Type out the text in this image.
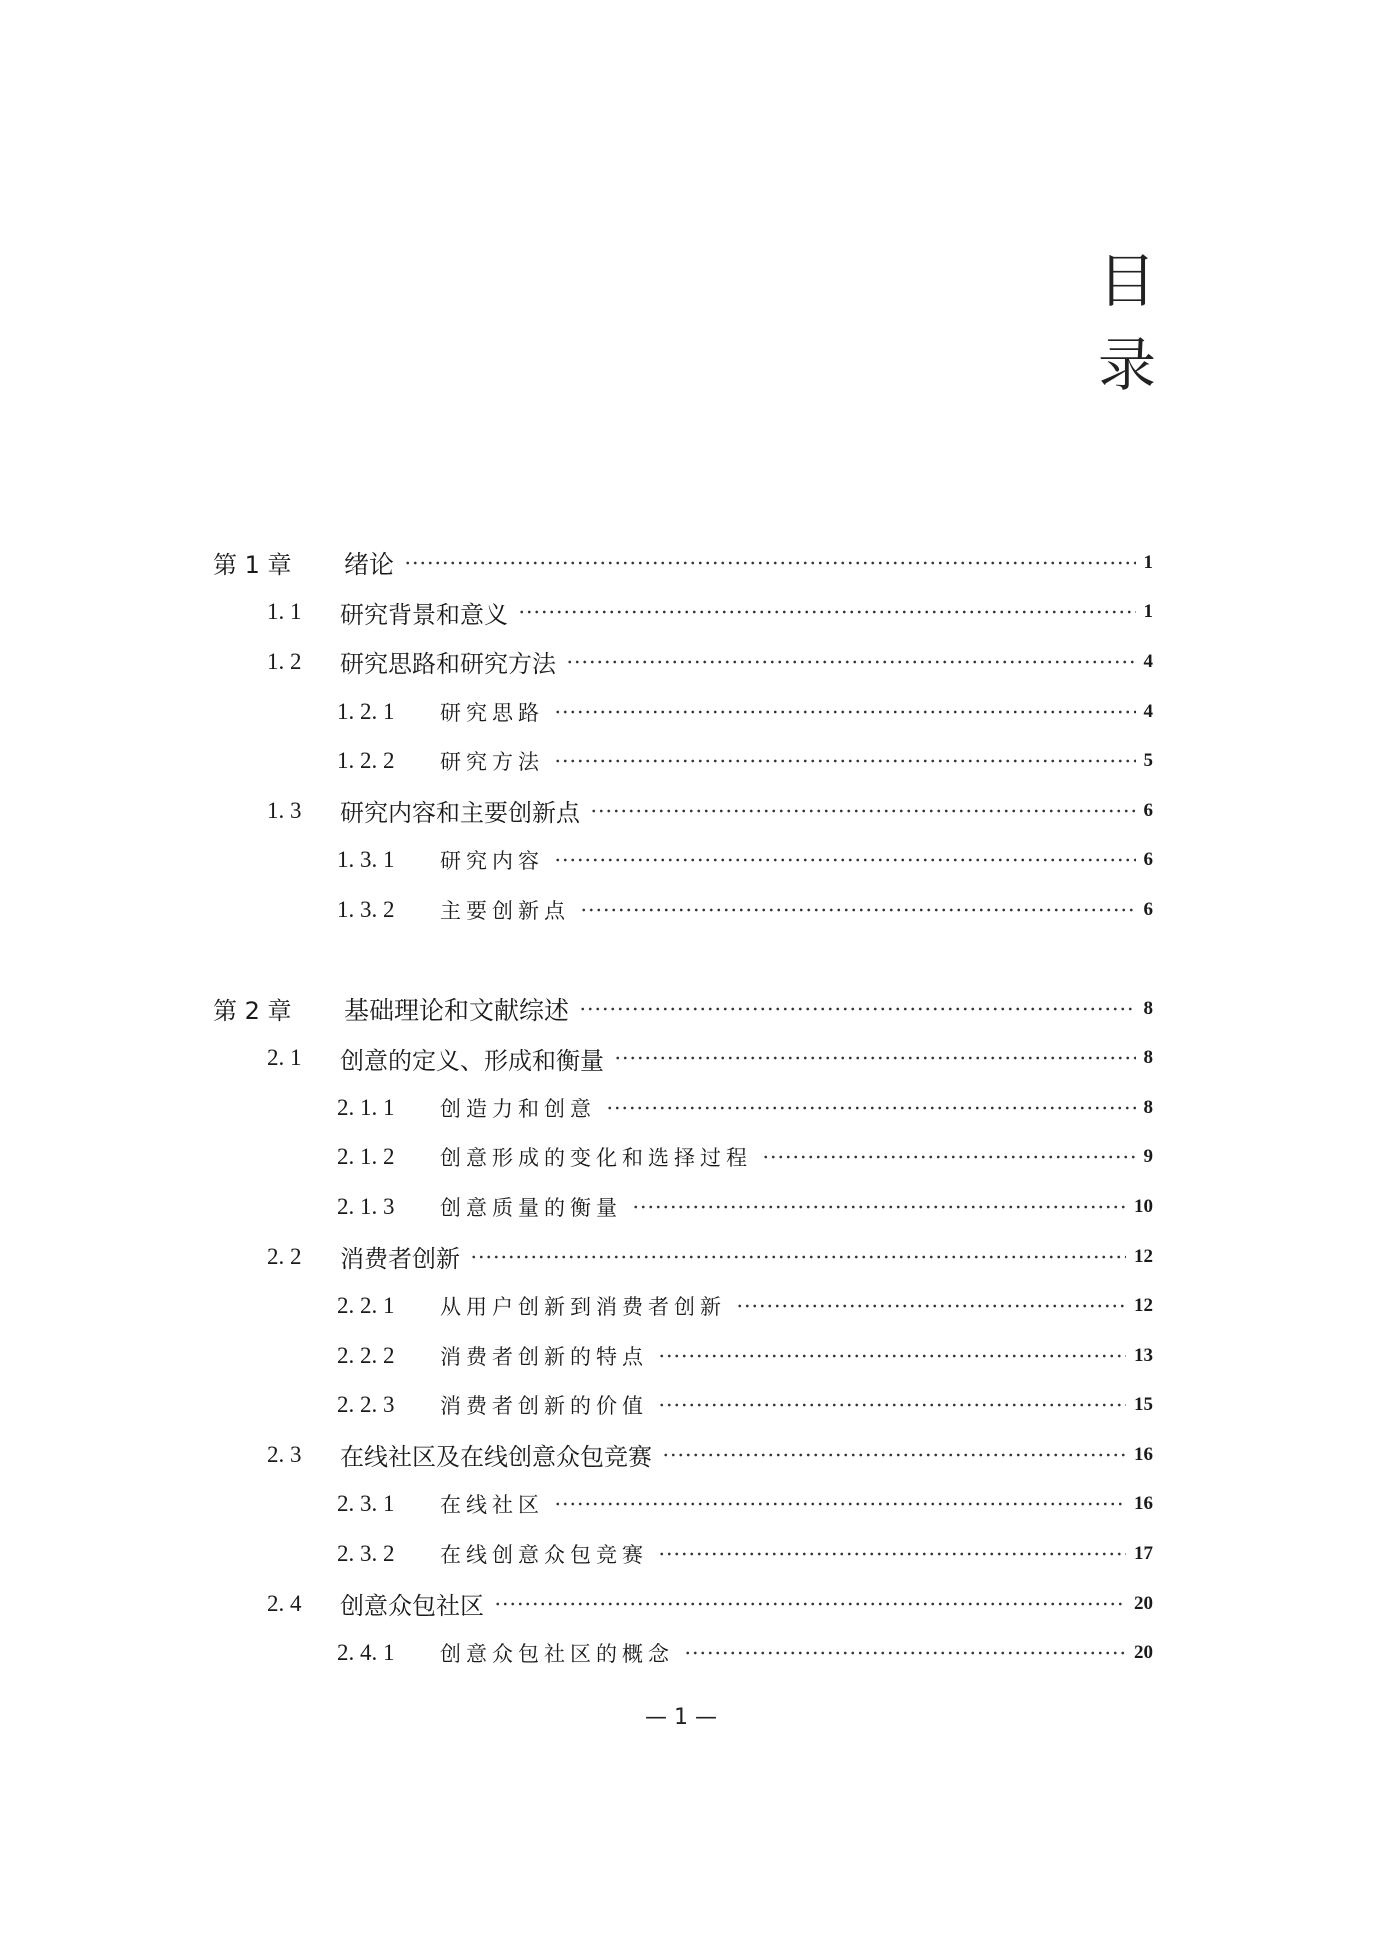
目
录
第 1 章	绪论	1
1. 1	研究背景和意义	1
1. 2	研究思路和研究方法	4
1. 2. 1	研究思路	4
1. 2. 2	研究方法	5
1. 3	研究内容和主要创新点	6
1. 3. 1	研究内容	6
1. 3. 2	主要创新点	6
第 2 章	基础理论和文献综述	8
2. 1	创意的定义、形成和衡量	8
2. 1. 1	创造力和创意	8
2. 1. 2	创意形成的变化和选择过程	9
2. 1. 3	创意质量的衡量	10
2. 2	消费者创新	12
2. 2. 1	从用户创新到消费者创新	12
2. 2. 2	消费者创新的特点	13
2. 2. 3	消费者创新的价值	15
2. 3	在线社区及在线创意众包竞赛	16
2. 3. 1	在线社区	16
2. 3. 2	在线创意众包竞赛	17
2. 4	创意众包社区	20
2. 4. 1	创意众包社区的概念	20
— 1 —
